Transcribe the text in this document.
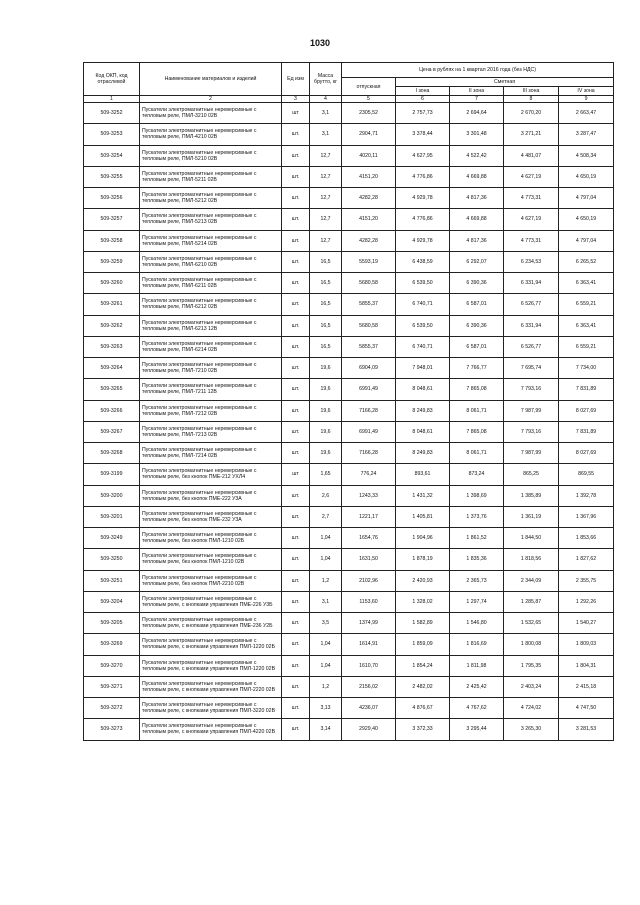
1030
Код ОКП, код отраслевой	Наименование материалов и изделий	Ед изм	Масса брутто, кг	Цена в рублях на 1 квартал 2016 года (без НДС)				
				отпускная	Сметная			
					I зона	II зона	III зона	IV зона
1	2	3	4	5	6	7	8	9
509-3252	Пускатели электромагнитные нереверсивные с тепловым реле, ПМЛ-3210 02В	шт	3,1	2305,52	2 757,73	2 694,64	2 670,20	2 663,47
509-3253	Пускатели электромагнитные нереверсивные с тепловым реле, ПМЛ-4210 02В	шт.	3,1	2904,71	3 378,44	3 301,48	3 271,21	3 287,47
509-3254	Пускатели электромагнитные нереверсивные с тепловым реле, ПМЛ-5210 02В	шт.	12,7	4020,11	4 627,95	4 522,42	4 481,07	4 508,34
509-3255	Пускатели электромагнитные нереверсивные с тепловым реле, ПМЛ-5211 02В	шт.	12,7	4151,20	4 776,86	4 669,88	4 627,19	4 650,19
509-3256	Пускатели электромагнитные нереверсивные с тепловым реле, ПМЛ-5212 02В	шт.	12,7	4282,28	4 929,78	4 817,36	4 773,31	4 797,04
509-3257	Пускатели электромагнитные нереверсивные с тепловым реле, ПМЛ-5213 02В	шт.	12,7	4151,20	4 776,86	4 669,88	4 627,19	4 650,19
509-3258	Пускатели электромагнитные нереверсивные с тепловым реле, ПМЛ-5214 02В	шт.	12,7	4282,28	4 929,78	4 817,36	4 773,31	4 797,04
509-3259	Пускатели электромагнитные нереверсивные с тепловым реле, ПМЛ-6210 02В	шт.	16,5	5593,19	6 438,59	6 292,07	6 234,53	6 265,52
509-3260	Пускатели электромагнитные нереверсивные с тепловым реле, ПМЛ-6211 02В	шт.	16,5	5680,58	6 539,50	6 390,36	6 331,94	6 363,41
509-3261	Пускатели электромагнитные нереверсивные с тепловым реле, ПМЛ-6212 02В	шт.	16,5	5855,37	6 740,71	6 587,01	6 526,77	6 559,21
509-3262	Пускатели электромагнитные нереверсивные с тепловым реле, ПМЛ-6213 12В	шт.	16,5	5680,58	6 539,50	6 390,36	6 331,94	6 363,41
509-3263	Пускатели электромагнитные нереверсивные с тепловым реле, ПМЛ-6214 02В	шт.	16,5	5855,37	6 740,71	6 587,01	6 526,77	6 559,21
509-3264	Пускатели электромагнитные нереверсивные с тепловым реле, ПМЛ-7210 02В	шт.	19,6	6904,09	7 948,01	7 766,77	7 695,74	7 734,00
509-3265	Пускатели электромагнитные нереверсивные с тепловым реле, ПМЛ-7211 12В	шт.	19,6	6991,49	8 048,61	7 865,08	7 793,16	7 831,89
509-3266	Пускатели электромагнитные нереверсивные с тепловым реле, ПМЛ-7212 02В	шт.	19,6	7166,28	8 249,83	8 061,71	7 987,99	8 027,69
509-3267	Пускатели электромагнитные нереверсивные с тепловым реле, ПМЛ-7213 02В	шт.	19,6	6991,49	8 048,61	7 865,08	7 793,16	7 831,89
509-3268	Пускатели электромагнитные нереверсивные с тепловым реле, ПМЛ-7214 02В	шт.	19,6	7166,28	8 249,83	8 061,71	7 987,99	8 027,69
509-3199	Пускатели электромагнитные нереверсивные с тепловым реле, без кнопок ПМЕ-212 УХЛ4	шт	1,65	776,24	893,61	873,24	865,25	869,55
509-3200	Пускатели электромагнитные нереверсивные с тепловым реле, без кнопок ПМЕ-222 У3А	шт.	2,6	1243,33	1 431,32	1 398,69	1 385,89	1 392,78
509-3201	Пускатели электромагнитные нереверсивные с тепловым реле, без кнопок ПМЕ-232 У3А	шт.	2,7	1221,17	1 405,81	1 373,76	1 361,19	1 367,96
509-3249	Пускатели электромагнитные нереверсивные с тепловым реле, без кнопок ПМЛ-1210 02Б	шт.	1,04	1654,76	1 904,96	1 861,52	1 844,50	1 853,66
509-3250	Пускатели электромагнитные нереверсивные с тепловым реле, без кнопок ПМЛ-1210 02В	шт.	1,04	1631,50	1 878,19	1 835,36	1 818,56	1 827,62
509-3251	Пускатели электромагнитные нереверсивные с тепловым реле, без кнопок ПМЛ-2210 02В	шт.	1,2	2102,96	2 420,93	2 365,73	2 344,09	2 355,75
509-3204	Пускатели электромагнитные нереверсивные с тепловым реле, с кнопками управления ПМЕ-226 У3Б	шт.	3,1	1153,60	1 328,02	1 297,74	1 285,87	1 292,26
509-3205	Пускатели электромагнитные нереверсивные с тепловым реле, с кнопками управления ПМЕ-236 У2Б	шт.	3,5	1374,99	1 582,89	1 546,80	1 532,65	1 540,27
509-3269	Пускатели электромагнитные нереверсивные с тепловым реле, с кнопками управления ПМЛ-1220 02Б	шт.	1,04	1614,91	1 859,09	1 816,69	1 800,08	1 809,03
509-3270	Пускатели электромагнитные нереверсивные с тепловым реле, с кнопками управления ПМЛ-1220 02В	шт.	1,04	1610,70	1 854,24	1 811,98	1 795,35	1 804,31
509-3271	Пускатели электромагнитные нереверсивные с тепловым реле, с кнопками управления ПМЛ-2220 02В	шт.	1,2	2156,02	2 482,02	2 425,42	2 403,24	2 415,18
509-3272	Пускатели электромагнитные нереверсивные с тепловым реле, с кнопками управления ПМЛ-3220 02В	шт.	3,13	4236,07	4 876,67	4 767,62	4 724,02	4 747,50
509-3273	Пускатели электромагнитные нереверсивные с тепловым реле, с кнопками управления ПМЛ-4220 02В	шт.	3,14	2929,40	3 372,33	3 295,44	3 265,30	3 281,53
